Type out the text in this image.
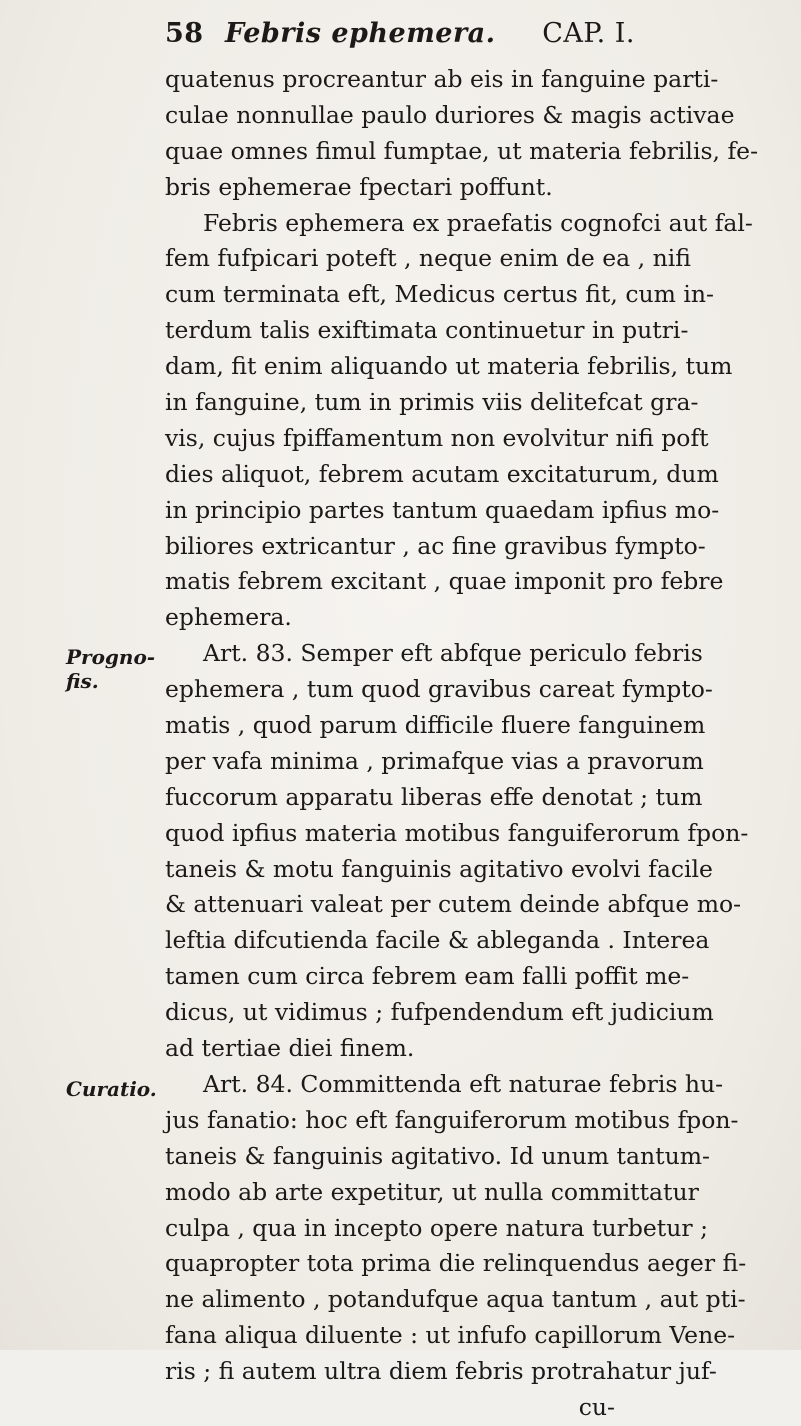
58 Febris ephemera. CAP. I.
Progno-
fis.
Curatio.
quatenus procreantur ab eis in fanguine parti-
culae nonnullae paulo duriores & magis activae
quae omnes fimul fumptae, ut materia febrilis, fe-
bris ephemerae fpectari poffunt.
Febris ephemera ex praefatis cognofci aut fal-
fem fufpicari poteft , neque enim de ea , nifi
cum terminata eft, Medicus certus fit, cum in-
terdum talis exiftimata continuetur in putri-
dam, fit enim aliquando ut materia febrilis, tum
in fanguine, tum in primis viis delitefcat gra-
vis, cujus fpiffamentum non evolvitur nifi poft
dies aliquot, febrem acutam excitaturum, dum
in principio partes tantum quaedam ipfius mo-
biliores extricantur , ac fine gravibus fympto-
matis febrem excitant , quae imponit pro febre
ephemera.
Art. 83. Semper eft abfque periculo febris
ephemera , tum quod gravibus careat fympto-
matis , quod parum difficile fluere fanguinem
per vafa minima , primafque vias a pravorum
fuccorum apparatu liberas effe denotat ; tum
quod ipfius materia motibus fanguiferorum fpon-
taneis & motu fanguinis agitativo evolvi facile
& attenuari valeat per cutem deinde abfque mo-
leftia difcutienda facile & ableganda . Interea
tamen cum circa febrem eam falli poffit me-
dicus, ut vidimus ; fufpendendum eft judicium
ad tertiae diei finem.
Art. 84. Committenda eft naturae febris hu-
jus fanatio: hoc eft fanguiferorum motibus fpon-
taneis & fanguinis agitativo. Id unum tantum-
modo ab arte expetitur, ut nulla committatur
culpa , qua in incepto opere natura turbetur ;
quapropter tota prima die relinquendus aeger fi-
ne alimento , potandufque aqua tantum , aut pti-
fana aliqua diluente : ut infufo capillorum Vene-
ris ; fi autem ultra diem febris protrahatur juf-
cu-
